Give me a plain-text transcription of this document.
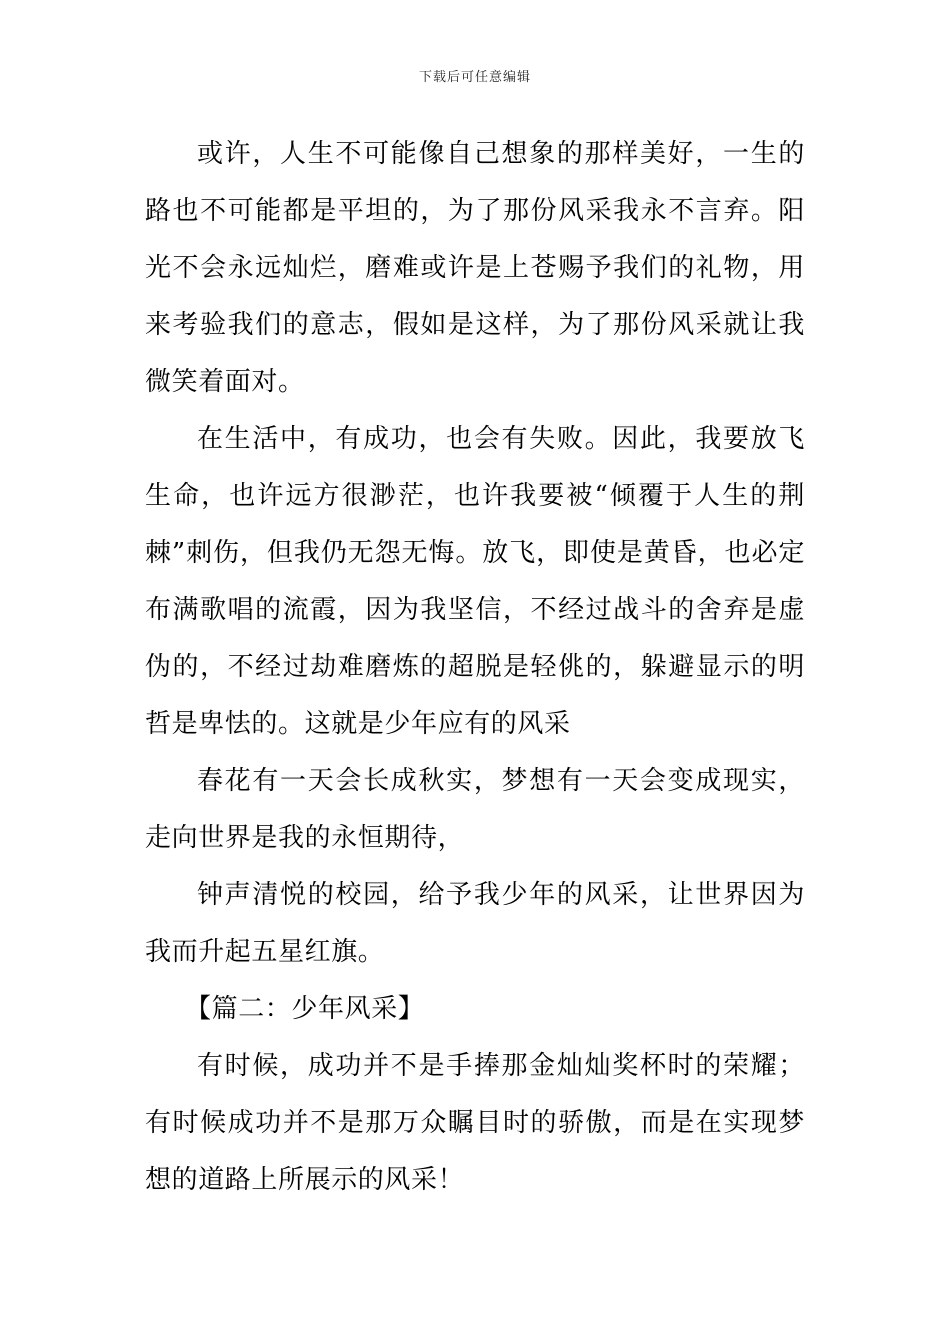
下载后可任意编辑

或许，人生不可能像自己想象的那样美好，一生的路也不可能都是平坦的，为了那份风采我永不言弃。阳光不会永远灿烂，磨难或许是上苍赐予我们的礼物，用来考验我们的意志，假如是这样，为了那份风采就让我微笑着面对。

在生活中，有成功，也会有失败。因此，我要放飞生命，也许远方很渺茫，也许我要被“倾覆于人生的荆棘”刺伤，但我仍无怨无悔。放飞，即使是黄昏，也必定布满歌唱的流霞，因为我坚信，不经过战斗的舍弃是虚伪的，不经过劫难磨炼的超脱是轻佻的，躲避显示的明哲是卑怯的。这就是少年应有的风采

春花有一天会长成秋实，梦想有一天会变成现实，走向世界是我的永恒期待，

钟声清悦的校园，给予我少年的风采，让世界因为我而升起五星红旗。

【篇二：少年风采】

有时候，成功并不是手捧那金灿灿奖杯时的荣耀；有时候成功并不是那万众瞩目时的骄傲，而是在实现梦想的道路上所展示的风采！
